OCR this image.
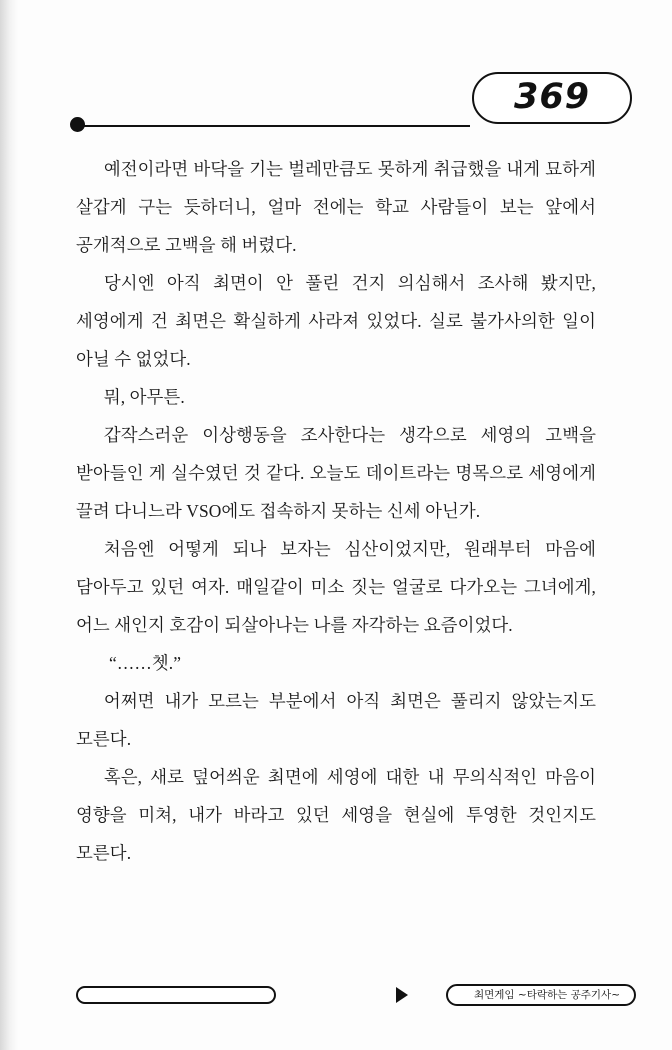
369

예전이라면 바닥을 기는 벌레만큼도 못하게 취급했을 내게 묘하게 살갑게 구는 듯하더니, 얼마 전에는 학교 사람들이 보는 앞에서 공개적으로 고백을 해 버렸다.

당시엔 아직 최면이 안 풀린 건지 의심해서 조사해 봤지만, 세영에게 건 최면은 확실하게 사라져 있었다. 실로 불가사의한 일이 아닐 수 없었다.

뭐, 아무튼.

갑작스러운 이상행동을 조사한다는 생각으로 세영의 고백을 받아들인 게 실수였던 것 같다. 오늘도 데이트라는 명목으로 세영에게 끌려 다니느라 VSO에도 접속하지 못하는 신세 아닌가.

처음엔 어떻게 되나 보자는 심산이었지만, 원래부터 마음에 담아두고 있던 여자. 매일같이 미소 짓는 얼굴로 다가오는 그녀에게, 어느 새인지 호감이 되살아나는 나를 자각하는 요즘이었다.

“……쳇.”

어쩌면 내가 모르는 부분에서 아직 최면은 풀리지 않았는지도 모른다.

혹은, 새로 덮어씌운 최면에 세영에 대한 내 무의식적인 마음이 영향을 미쳐, 내가 바라고 있던 세영을 현실에 투영한 것인지도 모른다.

최면게임 ~타락하는 공주기사~
